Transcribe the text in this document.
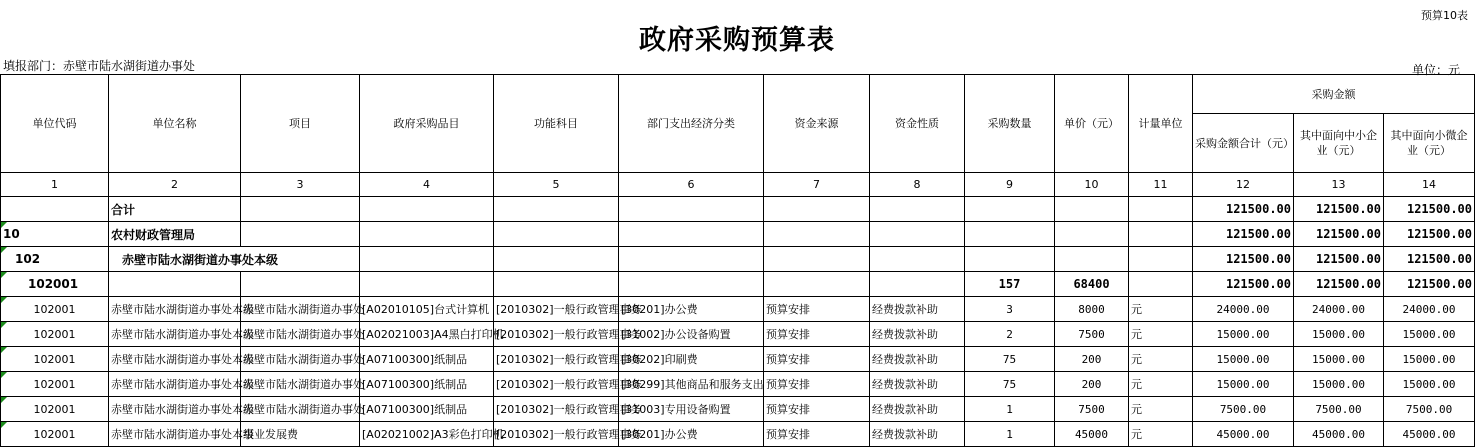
预算10表
政府采购预算表
填报部门：赤壁市陆水湖街道办事处	单位：元
单位代码	单位名称	项目	政府采购品目	功能科目	部门支出经济分类	资金来源	资金性质	采购数量	单价（元）	计量单位	采购金额		
											采购金额合计（元）	其中面向中小企业（元）	其中面向小微企业（元）
1	2	3	4	5	6	7	8	9	10	11	12	13	14
	合计										121500.00	121500.00	121500.00
10	农村财政管理局										121500.00	121500.00	121500.00
102	赤壁市陆水湖街道办事处本级										121500.00	121500.00	121500.00
102001								157	68400		121500.00	121500.00	121500.00
102001	赤壁市陆水湖街道办事处本级	赤壁市陆水湖街道办事处	[A02010105]台式计算机	[2010302]一般行政管理事务	[30201]办公费	预算安排	经费拨款补助	3	8000	元	24000.00	24000.00	24000.00
102001	赤壁市陆水湖街道办事处本级	赤壁市陆水湖街道办事处	[A02021003]A4黑白打印机	[2010302]一般行政管理事务	[31002]办公设备购置	预算安排	经费拨款补助	2	7500	元	15000.00	15000.00	15000.00
102001	赤壁市陆水湖街道办事处本级	赤壁市陆水湖街道办事处	[A07100300]纸制品	[2010302]一般行政管理事务	[30202]印刷费	预算安排	经费拨款补助	75	200	元	15000.00	15000.00	15000.00
102001	赤壁市陆水湖街道办事处本级	赤壁市陆水湖街道办事处	[A07100300]纸制品	[2010302]一般行政管理事务	[30299]其他商品和服务支出	预算安排	经费拨款补助	75	200	元	15000.00	15000.00	15000.00
102001	赤壁市陆水湖街道办事处本级	赤壁市陆水湖街道办事处	[A07100300]纸制品	[2010302]一般行政管理事务	[31003]专用设备购置	预算安排	经费拨款补助	1	7500	元	7500.00	7500.00	7500.00
102001	赤壁市陆水湖街道办事处本级	事业发展费	[A02021002]A3彩色打印机	[2010302]一般行政管理事务	[30201]办公费	预算安排	经费拨款补助	1	45000	元	45000.00	45000.00	45000.00
